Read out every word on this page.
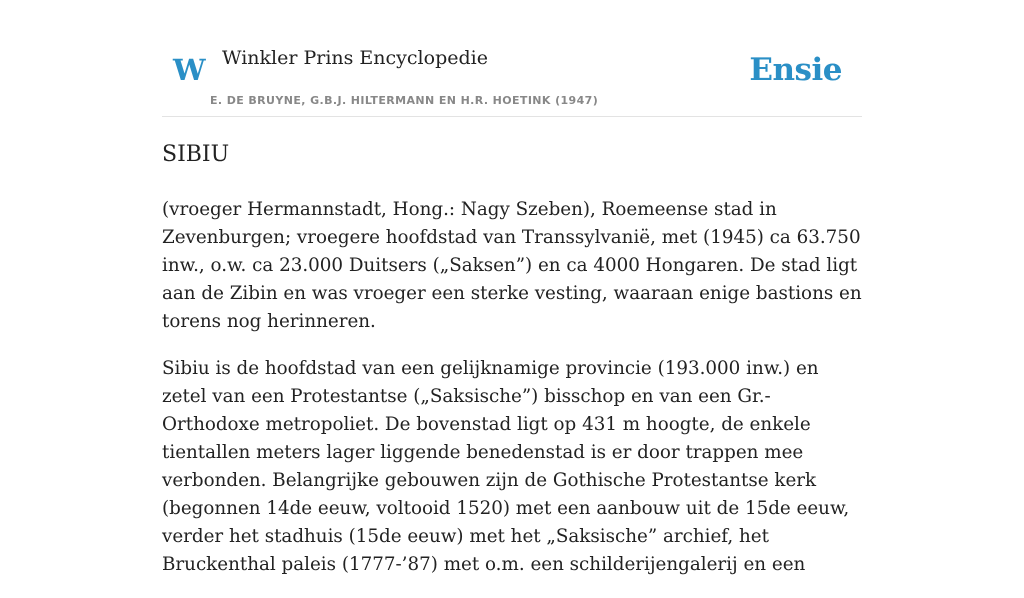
W Winkler Prins Encyclopedie
E. DE BRUYNE, G.B.J. HILTERMANN EN H.R. HOETINK (1947)
Ensie
SIBIU

(vroeger Hermannstadt, Hong.: Nagy Szeben), Roemeense stad in Zevenburgen; vroegere hoofdstad van Transsylvanië, met (1945) ca 63.750 inw., o.w. ca 23.000 Duitsers („Saksen”) en ca 4000 Hongaren. De stad ligt aan de Zibin en was vroeger een sterke vesting, waaraan enige bastions en torens nog herinneren.

Sibiu is de hoofdstad van een gelijknamige provincie (193.000 inw.) en zetel van een Protestantse („Saksische”) bisschop en van een Gr.-Orthodoxe metropoliet. De bovenstad ligt op 431 m hoogte, de enkele tientallen meters lager liggende benedenstad is er door trappen mee verbonden. Belangrijke gebouwen zijn de Gothische Protestantse kerk (begonnen 14de eeuw, voltooid 1520) met een aanbouw uit de 15de eeuw, verder het stadhuis (15de eeuw) met het „Saksische” archief, het Bruckenthal paleis (1777-’87) met o.m. een schilderijengalerij en een
